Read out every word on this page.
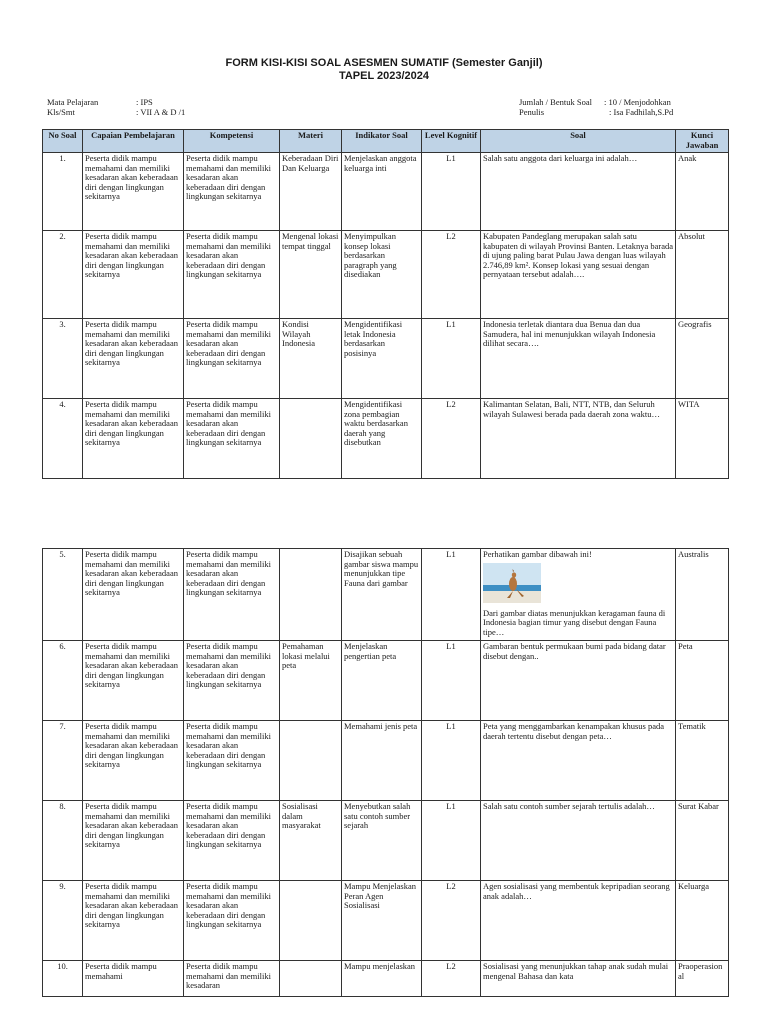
FORM KISI-KISI SOAL ASESMEN SUMATIF (Semester Ganjil)
TAPEL 2023/2024
Mata Pelajaran	: IPS
Kls/Smt	: VII A & D /1
Jumlah / Bentuk Soal : 10 / Menjodohkan
Penulis	: Isa Fadhilah,S.Pd
No Soal	Capaian Pembelajaran	Kompetensi	Materi	Indikator Soal	Level Kognitif	Soal	Kunci Jawaban
1.	Peserta didik mampu memahami dan memiliki kesadaran akan keberadaan diri dengan lingkungan sekitarnya	Peserta didik mampu memahami dan memiliki kesadaran akan keberadaan diri dengan lingkungan sekitarnya	Keberadaan Diri Dan Keluarga	Menjelaskan anggota keluarga inti	L1	Salah satu anggota dari keluarga ini adalah…	Anak
2.	Peserta didik mampu memahami dan memiliki kesadaran akan keberadaan diri dengan lingkungan sekitarnya	Peserta didik mampu memahami dan memiliki kesadaran akan keberadaan diri dengan lingkungan sekitarnya	Mengenal lokasi tempat tinggal	Menyimpulkan konsep lokasi berdasarkan paragraph yang disediakan	L2	Kabupaten Pandeglang merupakan salah satu kabupaten di wilayah Provinsi Banten. Letaknya barada di ujung paling barat Pulau Jawa dengan luas wilayah 2.746,89 km². Konsep lokasi yang sesuai dengan pernyataan tersebut adalah….	Absolut
3.	Peserta didik mampu memahami dan memiliki kesadaran akan keberadaan diri dengan lingkungan sekitarnya	Peserta didik mampu memahami dan memiliki kesadaran akan keberadaan diri dengan lingkungan sekitarnya	Kondisi Wilayah Indonesia	Mengidentifikasi letak Indonesia berdasarkan posisinya	L1	Indonesia terletak diantara dua Benua dan dua Samudera, hal ini menunjukkan wilayah Indonesia dilihat secara….	Geografis
4.	Peserta didik mampu memahami dan memiliki kesadaran akan keberadaan diri dengan lingkungan sekitarnya	Peserta didik mampu memahami dan memiliki kesadaran akan keberadaan diri dengan lingkungan sekitarnya		Mengidentifikasi zona pembagian waktu berdasarkan daerah yang disebutkan	L2	Kalimantan Selatan, Bali, NTT, NTB, dan Seluruh wilayah Sulawesi berada pada daerah zona waktu…	WITA
5.	Peserta didik mampu memahami dan memiliki kesadaran akan keberadaan diri dengan lingkungan sekitarnya	Peserta didik mampu memahami dan memiliki kesadaran akan keberadaan diri dengan lingkungan sekitarnya		Disajikan sebuah gambar siswa mampu menunjukkan tipe Fauna dari gambar	L1	Perhatikan gambar dibawah ini!
Dari gambar diatas menunjukkan keragaman fauna di Indonesia bagian timur yang disebut dengan Fauna tipe…	Australis
6.	Peserta didik mampu memahami dan memiliki kesadaran akan keberadaan diri dengan lingkungan sekitarnya	Peserta didik mampu memahami dan memiliki kesadaran akan keberadaan diri dengan lingkungan sekitarnya	Pemahaman lokasi melalui peta	Menjelaskan pengertian peta	L1	Gambaran bentuk permukaan bumi pada bidang datar disebut dengan..	Peta
7.	Peserta didik mampu memahami dan memiliki kesadaran akan keberadaan diri dengan lingkungan sekitarnya	Peserta didik mampu memahami dan memiliki kesadaran akan keberadaan diri dengan lingkungan sekitarnya		Memahami jenis peta	L1	Peta yang menggambarkan kenampakan khusus pada daerah tertentu disebut dengan peta…	Tematik
8.	Peserta didik mampu memahami dan memiliki kesadaran akan keberadaan diri dengan lingkungan sekitarnya	Peserta didik mampu memahami dan memiliki kesadaran akan keberadaan diri dengan lingkungan sekitarnya	Sosialisasi dalam masyarakat	Menyebutkan salah satu contoh sumber sejarah	L1	Salah satu contoh sumber sejarah tertulis adalah…	Surat Kabar
9.	Peserta didik mampu memahami dan memiliki kesadaran akan keberadaan diri dengan lingkungan sekitarnya	Peserta didik mampu memahami dan memiliki kesadaran akan keberadaan diri dengan lingkungan sekitarnya		Mampu Menjelaskan Peran Agen Sosialisasi	L2	Agen sosialisasi yang membentuk kepripadian seorang anak adalah…	Keluarga
10.	Peserta didik mampu memahami	Peserta didik mampu memahami dan memiliki kesadaran		Mampu menjelaskan	L2	Sosialisasi yang menunjukkan tahap anak sudah mulai mengenal Bahasa dan kata	Praoperasional
